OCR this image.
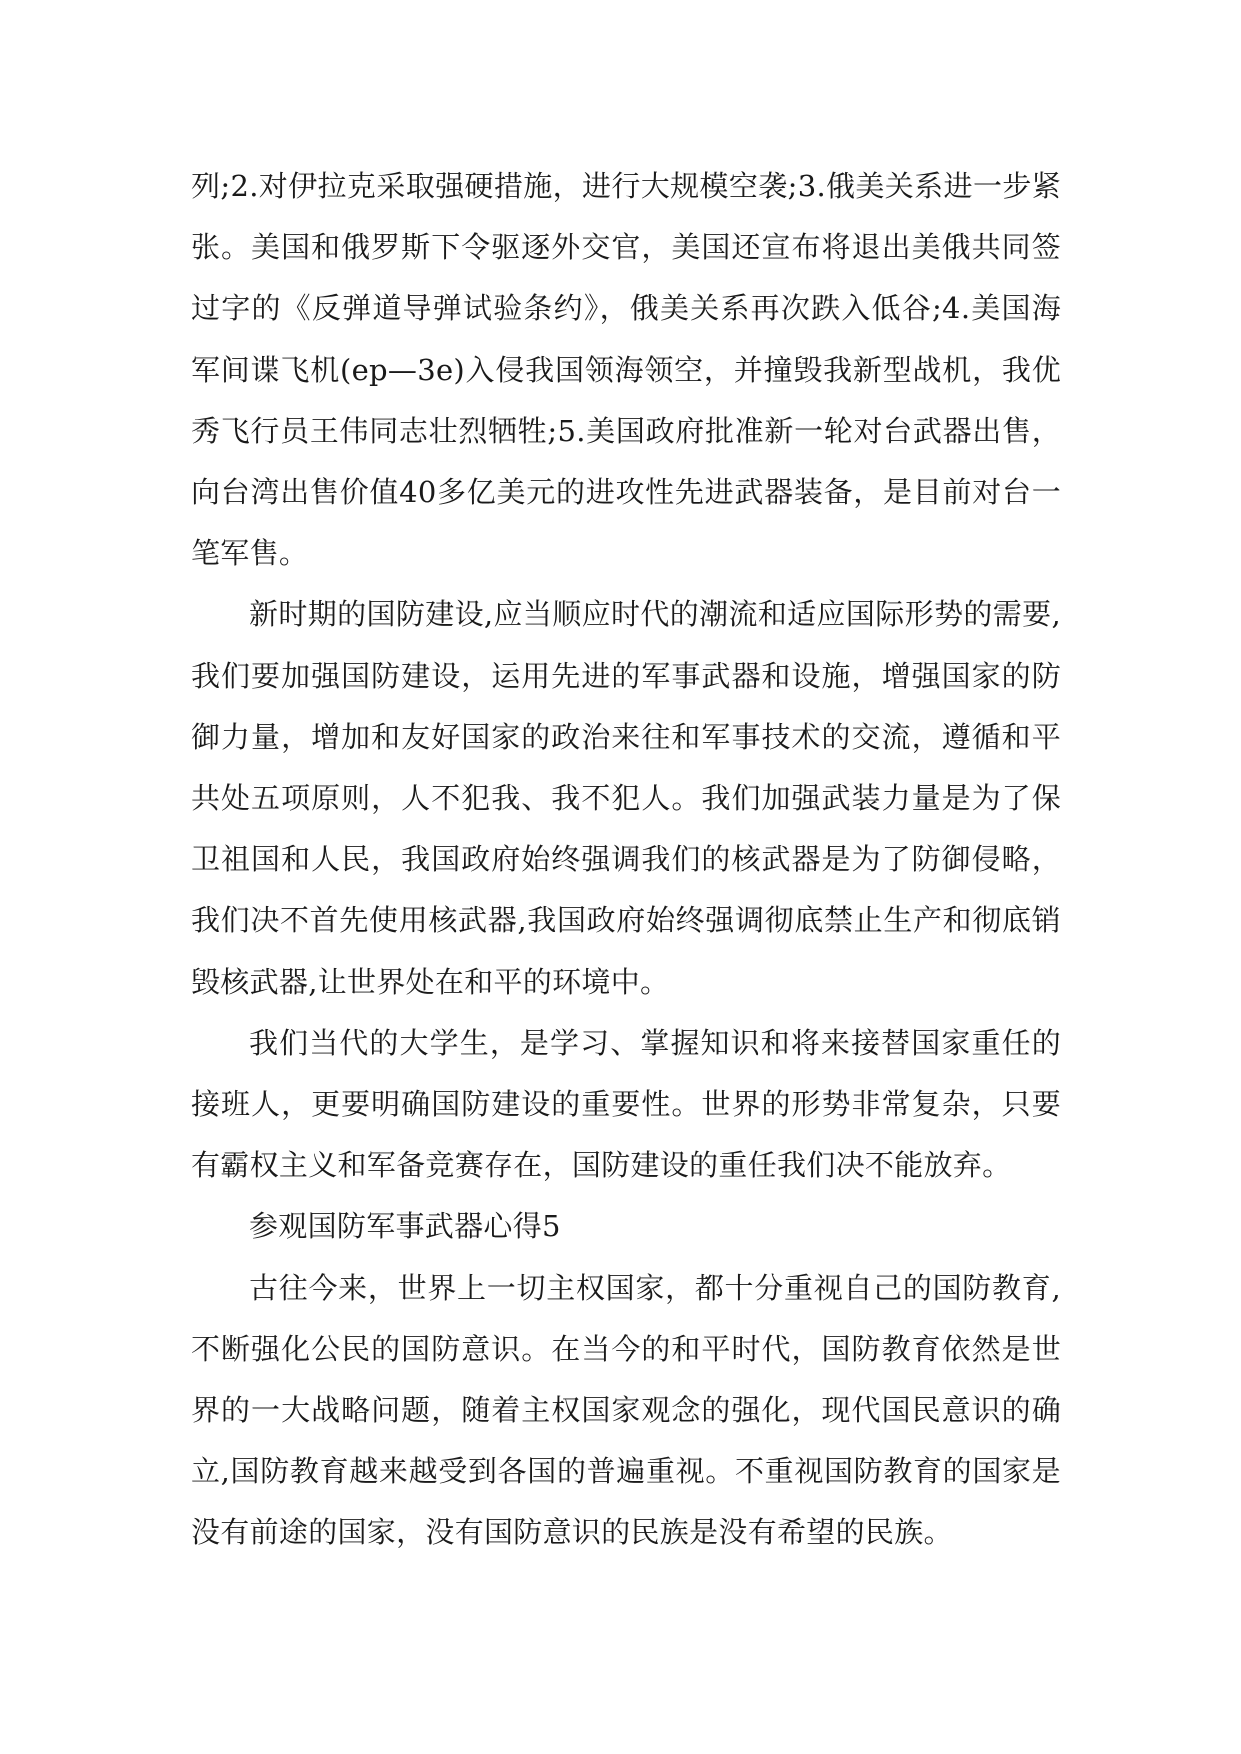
列;2.对伊拉克采取强硬措施，进行大规模空袭;3.俄美关系进一步紧张。美国和俄罗斯下令驱逐外交官，美国还宣布将退出美俄共同签过字的《反弹道导弹试验条约》，俄美关系再次跌入低谷;4.美国海军间谍飞机(ep—3e)入侵我国领海领空，并撞毁我新型战机，我优秀飞行员王伟同志壮烈牺牲;5.美国政府批准新一轮对台武器出售，向台湾出售价值40多亿美元的进攻性先进武器装备，是目前对台一笔军售。

新时期的国防建设,应当顺应时代的潮流和适应国际形势的需要,我们要加强国防建设，运用先进的军事武器和设施，增强国家的防御力量，增加和友好国家的政治来往和军事技术的交流，遵循和平共处五项原则，人不犯我、我不犯人。我们加强武装力量是为了保卫祖国和人民，我国政府始终强调我们的核武器是为了防御侵略，我们决不首先使用核武器,我国政府始终强调彻底禁止生产和彻底销毁核武器,让世界处在和平的环境中。

我们当代的大学生，是学习、掌握知识和将来接替国家重任的接班人，更要明确国防建设的重要性。世界的形势非常复杂，只要有霸权主义和军备竞赛存在，国防建设的重任我们决不能放弃。

参观国防军事武器心得5

古往今来，世界上一切主权国家，都十分重视自己的国防教育,不断强化公民的国防意识。在当今的和平时代，国防教育依然是世界的一大战略问题，随着主权国家观念的强化，现代国民意识的确立,国防教育越来越受到各国的普遍重视。不重视国防教育的国家是没有前途的国家，没有国防意识的民族是没有希望的民族。
